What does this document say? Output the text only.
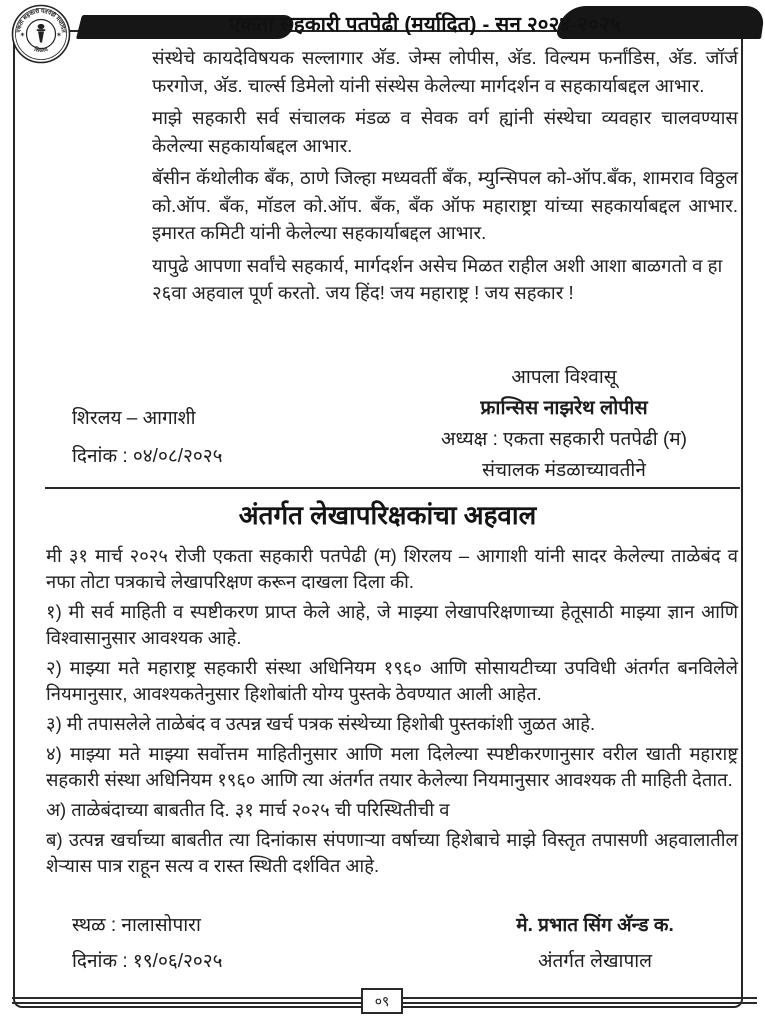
एकता सहकारी पतपेढी (मर्यादित) - सन २०२४-२०२५
एकता सहकारी पतपेढी मर्यादित
शिरलय
✶	✶

संस्थेचे कायदेविषयक सल्लागार अ‍ॅड. जेम्स लोपीस, अ‍ॅड. विल्यम फर्नांडिस, अ‍ॅड. जॉर्ज फरगोज, अ‍ॅड. चार्ल्स डिमेलो यांनी संस्थेस केलेल्या मार्गदर्शन व सहकार्याबद्दल आभार.

माझे सहकारी सर्व संचालक मंडळ व सेवक वर्ग ह्यांनी संस्थेचा व्यवहार चालवण्यास केलेल्या सहकार्याबद्दल आभार.

बॅसीन कॅथोलीक बँक, ठाणे जिल्हा मध्यवर्ती बँक, म्युन्सिपल को-ऑप.बँक, शामराव विठ्ठल को.ऑप. बँक, मॉडल को.ऑप. बँक, बँक ऑफ महाराष्ट्रा यांच्या सहकार्याबद्दल आभार. इमारत कमिटी यांनी केलेल्या सहकार्याबद्दल आभार.

यापुढे आपणा सर्वांचे सहकार्य, मार्गदर्शन असेच मिळत राहील अशी आशा बाळगतो व हा २६वा अहवाल पूर्ण करतो. जय हिंद! जय महाराष्ट्र ! जय सहकार !

आपला विश्वासू
फ्रान्सिस नाझरेथ लोपीस
अध्यक्ष : एकता सहकारी पतपेढी (म)
संचालक मंडळाच्यावतीने
शिरलय – आगाशी
दिनांक : ०४/०८/२०२५
अंतर्गत लेखापरिक्षकांचा अहवाल

मी ३१ मार्च २०२५ रोजी एकता सहकारी पतपेढी (म) शिरलय – आगाशी यांनी सादर केलेल्या ताळेबंद व नफा तोटा पत्रकाचे लेखापरिक्षण करून दाखला दिला की.

१) मी सर्व माहिती व स्पष्टीकरण प्राप्त केले आहे, जे माझ्या लेखापरिक्षणाच्या हेतूसाठी माझ्या ज्ञान आणि विश्वासानुसार आवश्यक आहे.

२) माझ्या मते महाराष्ट्र सहकारी संस्था अधिनियम १९६० आणि सोसायटीच्या उपविधी अंतर्गत बनविलेले नियमानुसार, आवश्यकतेनुसार हिशोबांती योग्य पुस्तके ठेवण्यात आली आहेत.

३) मी तपासलेले ताळेबंद व उत्पन्न खर्च पत्रक संस्थेच्या हिशोबी पुस्तकांशी जुळत आहे.

४) माझ्या मते माझ्या सर्वोत्तम माहितीनुसार आणि मला दिलेल्या स्पष्टीकरणानुसार वरील खाती महाराष्ट्र सहकारी संस्था अधिनियम १९६० आणि त्या अंतर्गत तयार केलेल्या नियमानुसार आवश्यक ती माहिती देतात.

अ) ताळेबंदाच्या बाबतीत दि. ३१ मार्च २०२५ ची परिस्थितीची व

ब) उत्पन्न खर्चाच्या बाबतीत त्या दिनांकास संपणाऱ्या वर्षाच्या हिशेबाचे माझे विस्तृत तपासणी अहवालातील शेऱ्यास पात्र राहून सत्य व रास्त स्थिती दर्शवित आहे.

स्थळ : नालासोपारा
दिनांक : १९/०६/२०२५
मे. प्रभात सिंग अ‍ॅन्ड क.
अंतर्गत लेखापाल
०९
